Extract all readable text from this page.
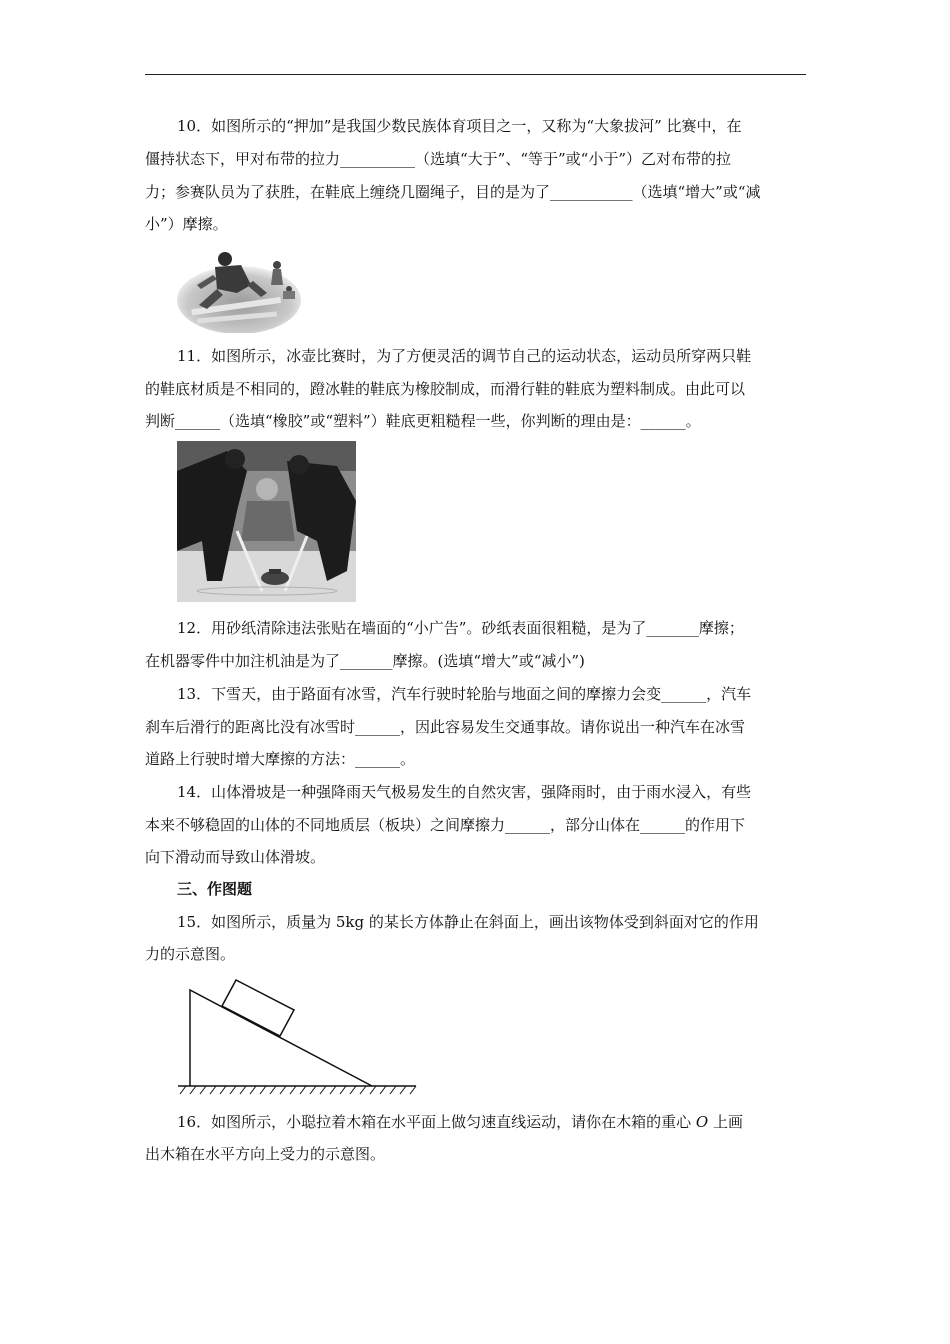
10．如图所示的“押加”是我国少数民族体育项目之一，又称为“大象拔河” 比赛中，在
僵持状态下，甲对布带的拉力__________（选填“大于”、“等于”或“小于”）乙对布带的拉
力；参赛队员为了获胜，在鞋底上缠绕几圈绳子，目的是为了___________（选填“增大”或“减
小”）摩擦。
11．如图所示，冰壶比赛时，为了方便灵活的调节自己的运动状态，运动员所穿两只鞋
的鞋底材质是不相同的，蹬冰鞋的鞋底为橡胶制成，而滑行鞋的鞋底为塑料制成。由此可以
判断______（选填“橡胶”或“塑料”）鞋底更粗糙程一些，你判断的理由是：______。
12．用砂纸清除违法张贴在墙面的“小广告”。砂纸表面很粗糙，是为了_______摩擦；
在机器零件中加注机油是为了_______摩擦。(选填“增大”或“减小”)
13．下雪天，由于路面有冰雪，汽车行驶时轮胎与地面之间的摩擦力会变______，汽车
刹车后滑行的距离比没有冰雪时______，因此容易发生交通事故。请你说出一种汽车在冰雪
道路上行驶时增大摩擦的方法：______。
14．山体滑坡是一种强降雨天气极易发生的自然灾害，强降雨时，由于雨水浸入，有些
本来不够稳固的山体的不同地质层（板块）之间摩擦力______，部分山体在______的作用下
向下滑动而导致山体滑坡。
三、作图题
15．如图所示，质量为 5kg 的某长方体静止在斜面上，画出该物体受到斜面对它的作用
力的示意图。
16．如图所示，小聪拉着木箱在水平面上做匀速直线运动，请你在木箱的重心 O 上画
出木箱在水平方向上受力的示意图。
